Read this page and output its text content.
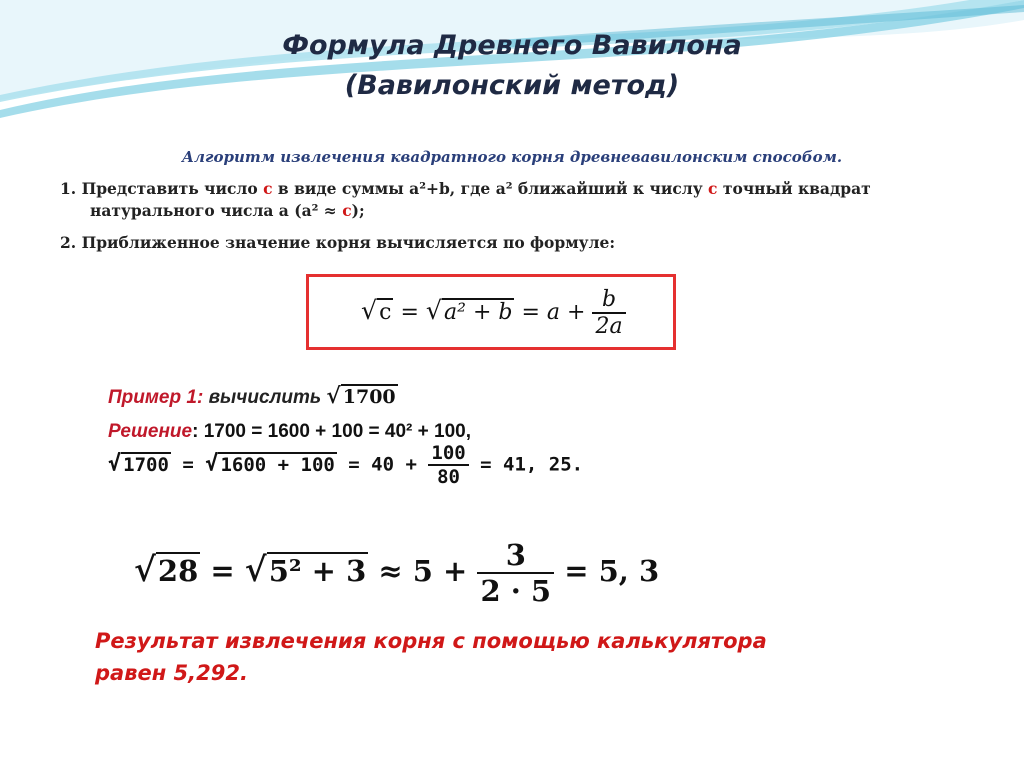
Формула Древнего Вавилона
(Вавилонский метод)
Алгоритм извлечения квадратного корня древневавилонским способом.
1. Представить число с в виде суммы a²+b, где a² ближайший к числу с точный квадрат
натурального числа a (a² ≈ с);
2. Приближенное значение корня вычисляется по формуле:
$√c = √a^2 + b = a + \frac{b}{2a}$
Пример 1: вычислить √ 1700
Решение: 1700 = 1600 + 100 = 40² + 100,
√ 1700 = √ $1600 + 100 = 40 + \frac{100}{80} = 41$, 25.
$√28 = √5^2 + 3 \approx 5 + \frac{3}{2 \cdot 5} = 5$, 3
Результат извлечения корня с помощью калькулятора
равен 5,292.
